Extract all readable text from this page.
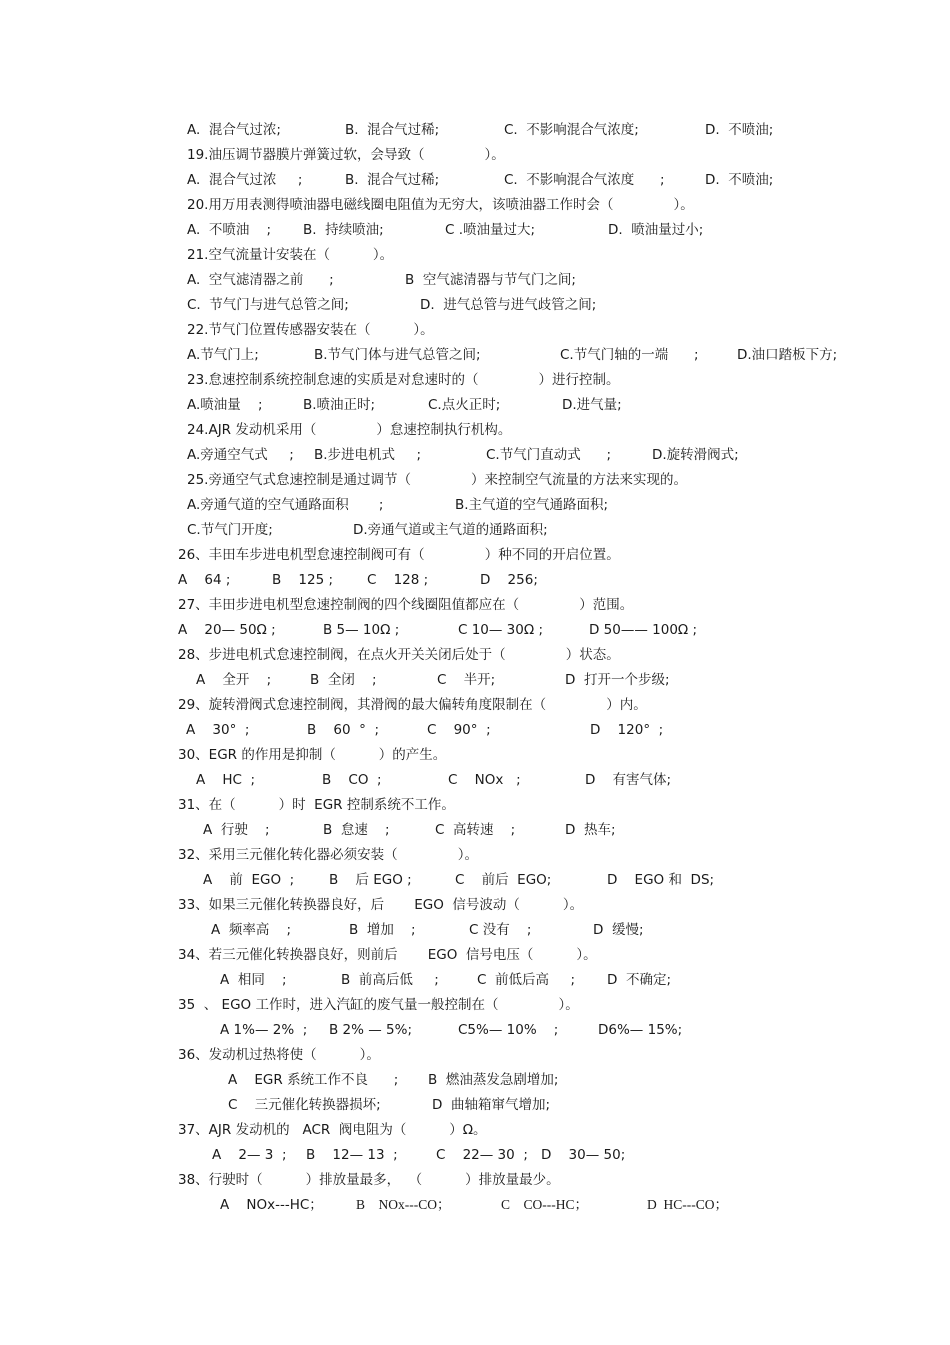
A.  混合气过浓;	B.  混合气过稀;	C.  不影响混合气浓度;	D.  不喷油;
19.油压调节器膜片弹簧过软，会导致（              ）。
A.  混合气过浓     ;	B.  混合气过稀;	C.  不影响混合气浓度      ;	D.  不喷油;
20.用万用表测得喷油器电磁线圈电阻值为无穷大，该喷油器工作时会（              ）。
A.  不喷油    ; B.  持续喷油;	C .喷油量过大;	D.  喷油量过小;
21.空气流量计安装在（          ）。
A.  空气滤清器之前      ;	B  空气滤清器与节气门之间;
C.  节气门与进气总管之间;	D.  进气总管与进气歧管之间;
22.节气门位置传感器安装在（          ）。
A.节气门上;	B.节气门体与进气总管之间;	C.节气门轴的一端      ;	D.油口踏板下方;
23.怠速控制系统控制怠速的实质是对怠速时的（              ）进行控制。
A.喷油量    ;	B.喷油正时;	C.点火正时;	D.进气量;
24.AJR 发动机采用（              ）怠速控制执行机构。
A.旁通空气式     ; B.步进电机式     ;	C.节气门直动式      ;	D.旋转滑阀式;
25.旁通空气式怠速控制是通过调节（              ）来控制空气流量的方法来实现的。
A.旁通气道的空气通路面积       ;	B.主气道的空气通路面积;
C.节气门开度;	D.旁通气道或主气道的通路面积;
26、丰田车步进电机型怠速控制阀可有（              ）种不同的开启位置。
A    64 ;	B    125 ;	C    128 ;	D    256;
27、丰田步进电机型怠速控制阀的四个线圈阻值都应在（              ）范围。
A    20— 50Ω ;	B 5— 10Ω ;	C 10— 30Ω ;	D 50—— 100Ω ;
28、步进电机式怠速控制阀，在点火开关关闭后处于（              ）状态。
A    全开    ;	B  全闭    ;	C    半开;	D  打开一个步级;
29、旋转滑阀式怠速控制阀，其滑阀的最大偏转角度限制在（              ）内。
A    30°  ;	B    60  °  ;	C    90°  ;	D    120°  ;
30、EGR 的作用是抑制（          ）的产生。
A    HC  ;	B    CO  ;	C    NOx   ;	D    有害气体;
31、在（          ）时  EGR 控制系统不工作。
A  行驶    ;	B  怠速    ;	C  高转速    ;	D  热车;
32、采用三元催化转化器必须安装（              ）。
A    前  EGO  ;	B    后 EGO ;	C    前后  EGO;	D    EGO 和  DS;
33、如果三元催化转换器良好，后       EGO  信号波动（          ）。
A  频率高    ;	B  增加    ;	C 没有    ;	D  缓慢;
34、若三元催化转换器良好，则前后       EGO  信号电压（          ）。
A  相同    ;	B  前高后低     ;	C  前低后高     ; D  不确定;
35  、 EGO 工作时，进入汽缸的废气量一般控制在（              ）。
A 1%— 2%  ; B 2% — 5%;	C5%— 10%    ;	D6%— 15%;
36、发动机过热将使（          ）。
A    EGR 系统工作不良      ; B  燃油蒸发急剧增加;
C    三元催化转换器损坏;	D  曲轴箱窜气增加;
37、AJR 发动机的   ACR  阀电阻为（          ）Ω。
A    2— 3  ; B    12— 13  ;	C    22— 30  ; D    30— 50;
38、行驶时（          ）排放量最多，  （          ）排放量最少。
A    NOx---HC； B    NOx---CO；	C    CO---HC；	D  HC---CO；
